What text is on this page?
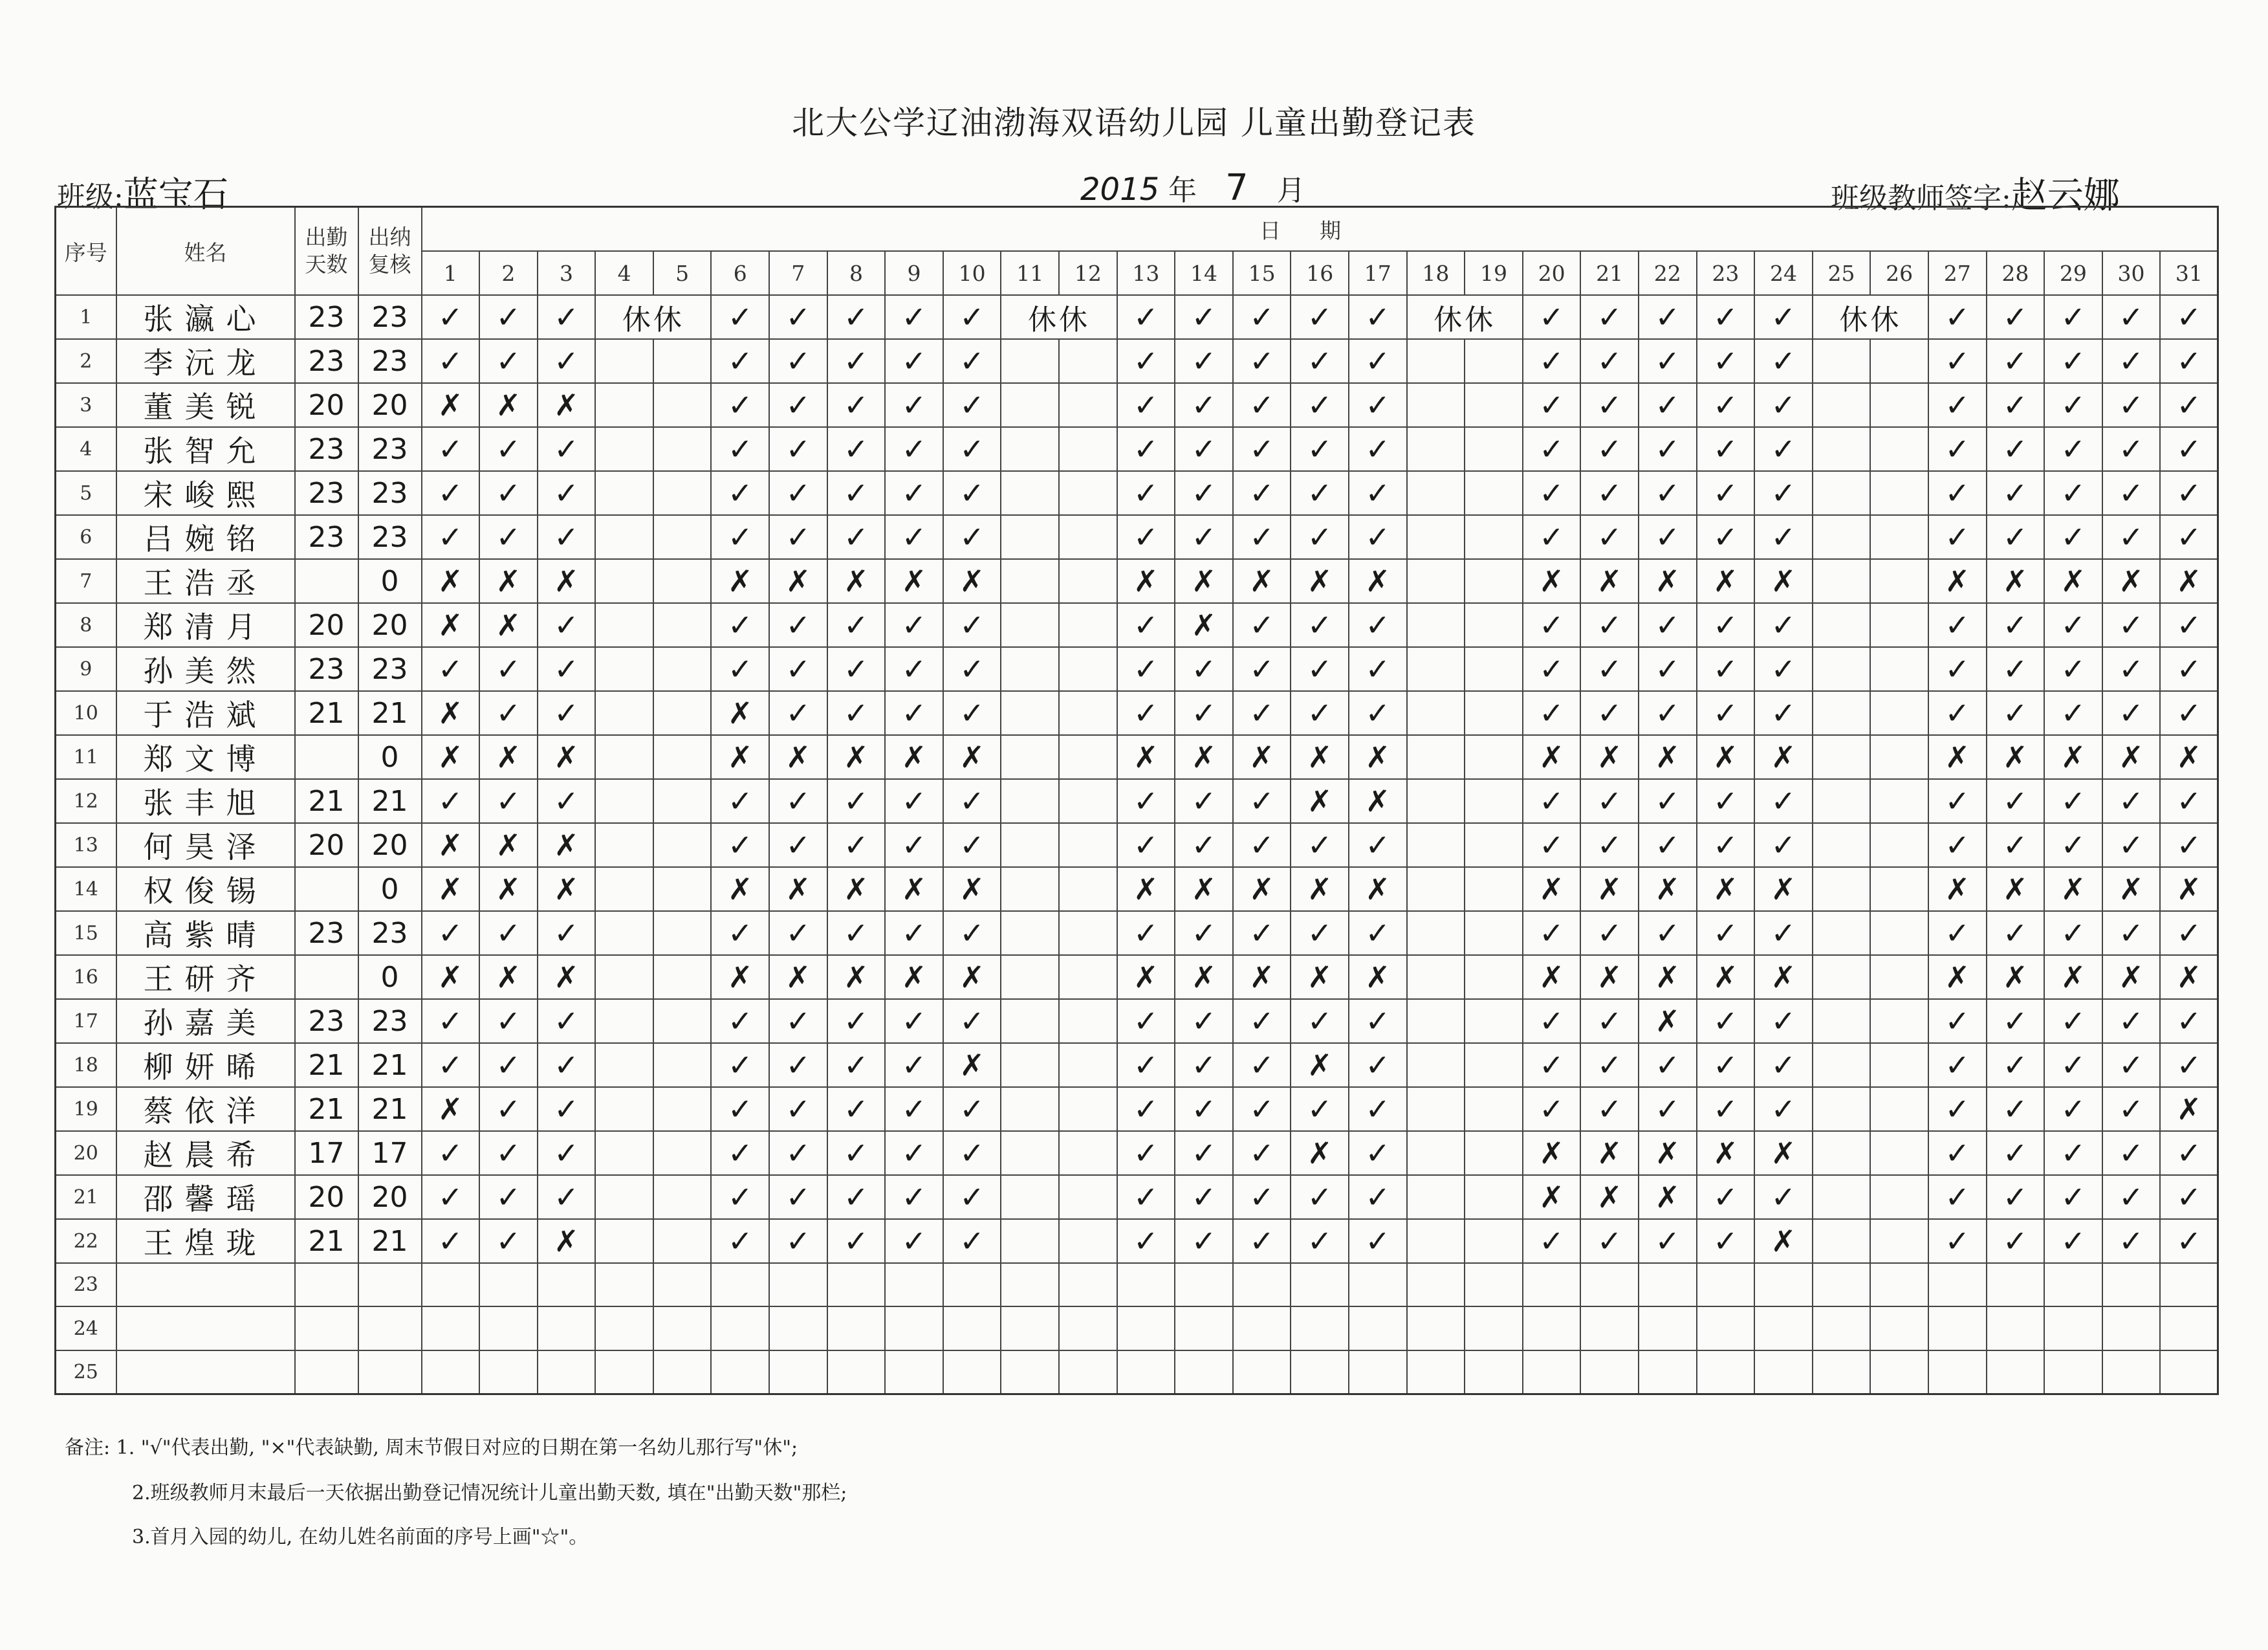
北大公学辽油渤海双语幼儿园 儿童出勤登记表
班级:蓝宝石	2015 年 7 月	班级教师签字:赵云娜
序号	姓名	出勤天数	出纳复核	日期																														
				1	2	3	4	5	6	7	8	9	10	11	12	13	14	15	16	17	18	19	20	21	22	23	24	25	26	27	28	29	30	31
1	张瀛心	23	23	✓	✓	✓	休休		✓	✓	✓	✓	✓	休休		✓	✓	✓	✓	✓	休休		✓	✓	✓	✓	✓	休休		✓	✓	✓	✓	✓
2	李沅龙	23	23	✓	✓	✓			✓	✓	✓	✓	✓			✓	✓	✓	✓	✓			✓	✓	✓	✓	✓			✓	✓	✓	✓	✓
3	董美锐	20	20	✗	✗	✗			✓	✓	✓	✓	✓			✓	✓	✓	✓	✓			✓	✓	✓	✓	✓			✓	✓	✓	✓	✓
4	张智允	23	23	✓	✓	✓			✓	✓	✓	✓	✓			✓	✓	✓	✓	✓			✓	✓	✓	✓	✓			✓	✓	✓	✓	✓
5	宋峻熙	23	23	✓	✓	✓			✓	✓	✓	✓	✓			✓	✓	✓	✓	✓			✓	✓	✓	✓	✓			✓	✓	✓	✓	✓
6	吕婉铭	23	23	✓	✓	✓			✓	✓	✓	✓	✓			✓	✓	✓	✓	✓			✓	✓	✓	✓	✓			✓	✓	✓	✓	✓
7	王浩丞		0	✗	✗	✗			✗	✗	✗	✗	✗			✗	✗	✗	✗	✗			✗	✗	✗	✗	✗			✗	✗	✗	✗	✗
8	郑清月	20	20	✗	✗	✓			✓	✓	✓	✓	✓			✓	✗	✓	✓	✓			✓	✓	✓	✓	✓			✓	✓	✓	✓	✓
9	孙美然	23	23	✓	✓	✓			✓	✓	✓	✓	✓			✓	✓	✓	✓	✓			✓	✓	✓	✓	✓			✓	✓	✓	✓	✓
10	于浩斌	21	21	✗	✓	✓			✗	✓	✓	✓	✓			✓	✓	✓	✓	✓			✓	✓	✓	✓	✓			✓	✓	✓	✓	✓
11	郑文博		0	✗	✗	✗			✗	✗	✗	✗	✗			✗	✗	✗	✗	✗			✗	✗	✗	✗	✗			✗	✗	✗	✗	✗
12	张丰旭	21	21	✓	✓	✓			✓	✓	✓	✓	✓			✓	✓	✓	✗	✗			✓	✓	✓	✓	✓			✓	✓	✓	✓	✓
13	何昊泽	20	20	✗	✗	✗			✓	✓	✓	✓	✓			✓	✓	✓	✓	✓			✓	✓	✓	✓	✓			✓	✓	✓	✓	✓
14	权俊锡		0	✗	✗	✗			✗	✗	✗	✗	✗			✗	✗	✗	✗	✗			✗	✗	✗	✗	✗			✗	✗	✗	✗	✗
15	高紫晴	23	23	✓	✓	✓			✓	✓	✓	✓	✓			✓	✓	✓	✓	✓			✓	✓	✓	✓	✓			✓	✓	✓	✓	✓
16	王研齐		0	✗	✗	✗			✗	✗	✗	✗	✗			✗	✗	✗	✗	✗			✗	✗	✗	✗	✗			✗	✗	✗	✗	✗
17	孙嘉美	23	23	✓	✓	✓			✓	✓	✓	✓	✓			✓	✓	✓	✓	✓			✓	✓	✗	✓	✓			✓	✓	✓	✓	✓
18	柳妍晞	21	21	✓	✓	✓			✓	✓	✓	✓	✗			✓	✓	✓	✗	✓			✓	✓	✓	✓	✓			✓	✓	✓	✓	✓
19	蔡依洋	21	21	✗	✓	✓			✓	✓	✓	✓	✓			✓	✓	✓	✓	✓			✓	✓	✓	✓	✓			✓	✓	✓	✓	✗
20	赵晨希	17	17	✓	✓	✓			✓	✓	✓	✓	✓			✓	✓	✓	✗	✓			✗	✗	✗	✗	✗			✓	✓	✓	✓	✓
21	邵馨瑶	20	20	✓	✓	✓			✓	✓	✓	✓	✓			✓	✓	✓	✓	✓			✗	✗	✗	✓	✓			✓	✓	✓	✓	✓
22	王煌珑	21	21	✓	✓	✗			✓	✓	✓	✓	✓			✓	✓	✓	✓	✓			✓	✓	✓	✓	✗			✓	✓	✓	✓	✓
23																																		
24																																		
25																																		
备注: 1. "√"代表出勤, "×"代表缺勤, 周末节假日对应的日期在第一名幼儿那行写"休";
2.班级教师月末最后一天依据出勤登记情况统计儿童出勤天数, 填在"出勤天数"那栏;
3.首月入园的幼儿, 在幼儿姓名前面的序号上画"☆"。
